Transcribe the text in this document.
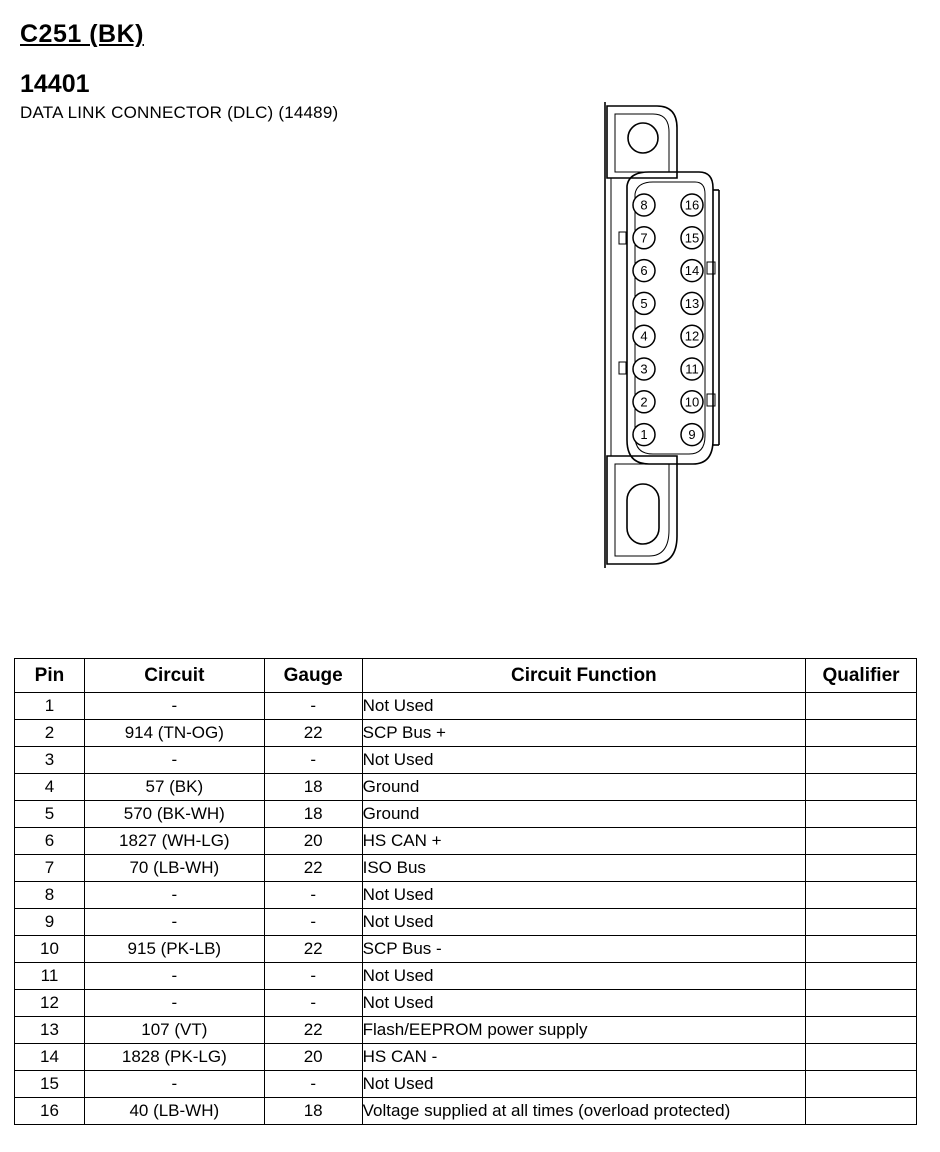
C251 (BK)
14401
DATA LINK CONNECTOR (DLC) (14489)
8
7
6
5
4
3
2
1
16
15
14
13
12
11
10
9
Pin	Circuit	Gauge	Circuit Function	Qualifier
1	-	-	Not Used	
2	914 (TN-OG)	22	SCP Bus +	
3	-	-	Not Used	
4	57 (BK)	18	Ground	
5	570 (BK-WH)	18	Ground	
6	1827 (WH-LG)	20	HS CAN +	
7	70 (LB-WH)	22	ISO Bus	
8	-	-	Not Used	
9	-	-	Not Used	
10	915 (PK-LB)	22	SCP Bus -	
11	-	-	Not Used	
12	-	-	Not Used	
13	107 (VT)	22	Flash/EEPROM power supply	
14	1828 (PK-LG)	20	HS CAN -	
15	-	-	Not Used	
16	40 (LB-WH)	18	Voltage supplied at all times (overload protected)	
